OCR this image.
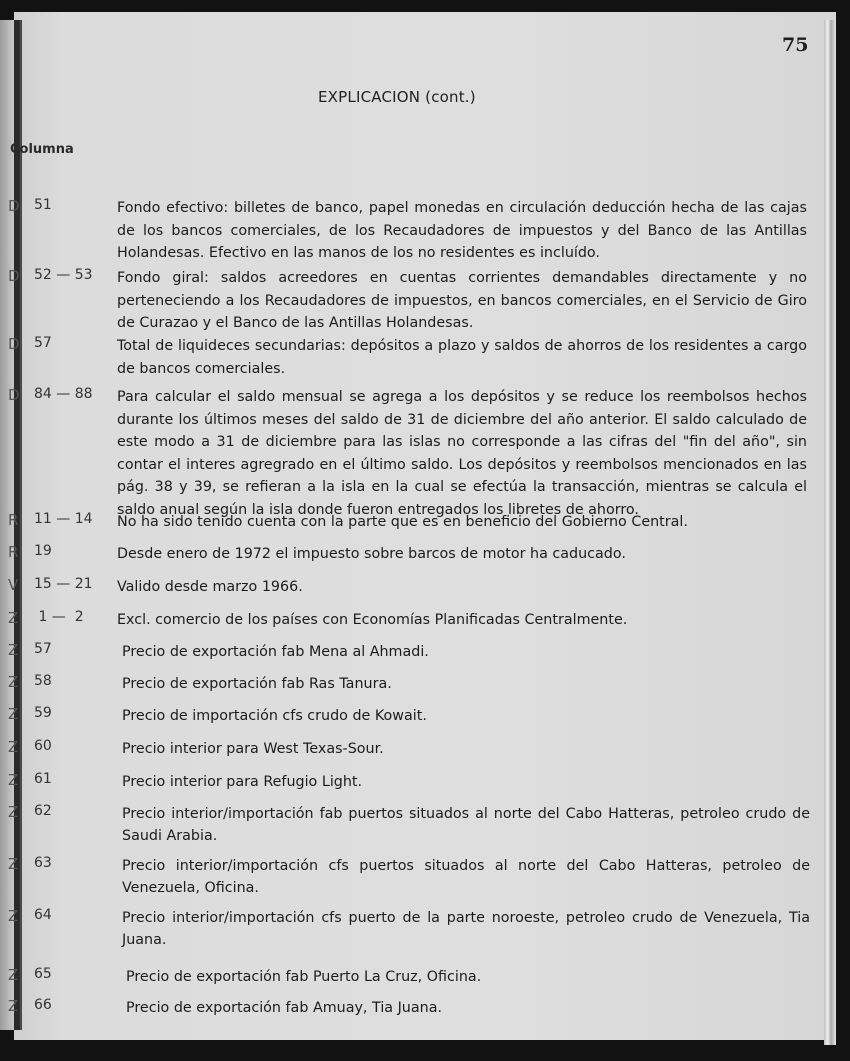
75
EXPLICACION (cont.)
Columna
D 51	Fondo efectivo: billetes de banco, papel monedas en circulación deducción hecha de las cajas de los bancos comerciales, de los Recaudadores de impuestos y del Banco de las Antillas Holandesas. Efectivo en las manos de los no residentes es incluído.
D 52 — 53 Fondo giral: saldos acreedores en cuentas corrientes demandables directamente y no perteneciendo a los Recaudadores de impuestos, en bancos comerciales, en el Servicio de Giro de Curazao y el Banco de las Antillas Holandesas.
D 57	Total de liquideces secundarias: depósitos a plazo y saldos de ahorros de los residentes a cargo de bancos comerciales.
D 84 — 88 Para calcular el saldo mensual se agrega a los depósitos y se reduce los reembolsos hechos durante los últimos meses del saldo de 31 de diciembre del año anterior. El saldo calculado de este modo a 31 de diciembre para las islas no corresponde a las cifras del "fin del año", sin contar el interes agregrado en el último saldo. Los depósitos y reembolsos mencionados en las pág. 38 y 39, se refieran a la isla en la cual se efectúa la transacción, mientras se calcula el saldo anual según la isla donde fueron entregados los libretes de ahorro.
R 11 — 14 No ha sido tenido cuenta con la parte que es en beneficio del Gobierno Central.
R 19	Desde enero de 1972 el impuesto sobre barcos de motor ha caducado.
V 15 — 21 Valido desde marzo 1966.
Z 1 —  2 Excl. comercio de los países con Economías Planificadas Centralmente.
Z 57	Precio de exportación fab Mena al Ahmadi.
Z 58	Precio de exportación fab Ras Tanura.
Z 59	Precio de importación cfs crudo de Kowait.
Z 60	Precio interior para West Texas-Sour.
Z 61	Precio interior para Refugio Light.
Z 62	Precio interior/importación fab puertos situados al norte del Cabo Hatteras, petroleo crudo de Saudi Arabia.
Z 63	Precio interior/importación cfs puertos situados al norte del Cabo Hatteras, petroleo de Venezuela, Oficina.
Z 64	Precio interior/importación cfs puerto de la parte noroeste, petroleo crudo de Venezuela, Tia Juana.
Z 65	Precio de exportación fab Puerto La Cruz, Oficina.
Z 66	Precio de exportación fab Amuay, Tia Juana.
